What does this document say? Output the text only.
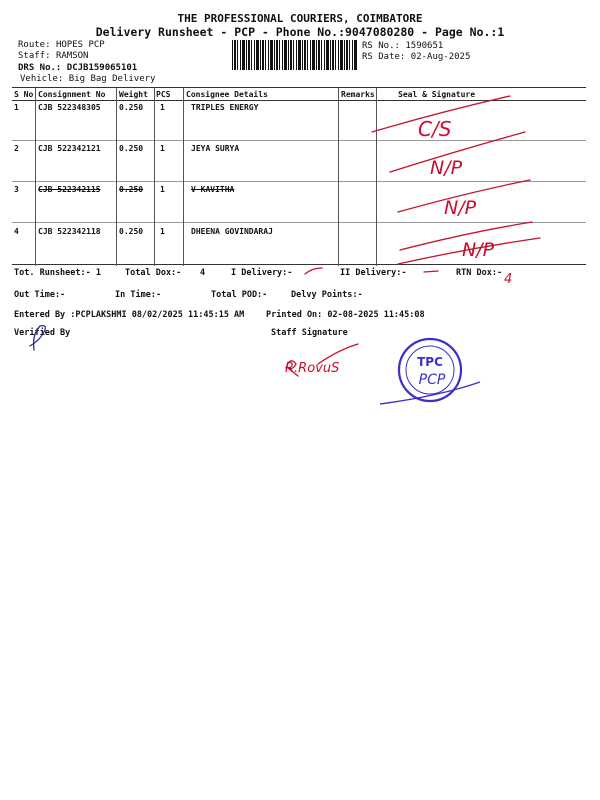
THE PROFESSIONAL COURIERS, COIMBATORE
Delivery Runsheet - PCP - Phone No.:9047080280 - Page No.:1
Route: HOPES PCP
Staff: RAMSON
DRS No.: DCJB159065101
Vehicle: Big Bag Delivery
RS No.: 1590651
RS Date: 02-Aug-2025
S No Consignment No Weight PCS Consignee Details	Remarks	Seal & Signature
1 CJB 522348305 0.250 1	TRIPLES ENERGY
2 CJB 522342121 0.250 1	JEYA SURYA
3 CJB 522342115 0.250 1	V KAVITHA
4 CJB 522342118 0.250 1	DHEENA GOVINDARAJ
Tot. Runsheet:- 1	Total Dox:- 4	I Delivery:-	II Delivery:-	RTN Dox:-
Out Time:-	In Time:-	Total POD:-	Delvy Points:-
Entered By :PCPLAKSHMI 08/02/2025 11:45:15 AM	Printed On: 02-08-2025 11:45:08
Verified By	Staff Signature
C/S
N/P
N/P
N/P
4
R.RovuS	TPC
PCP
